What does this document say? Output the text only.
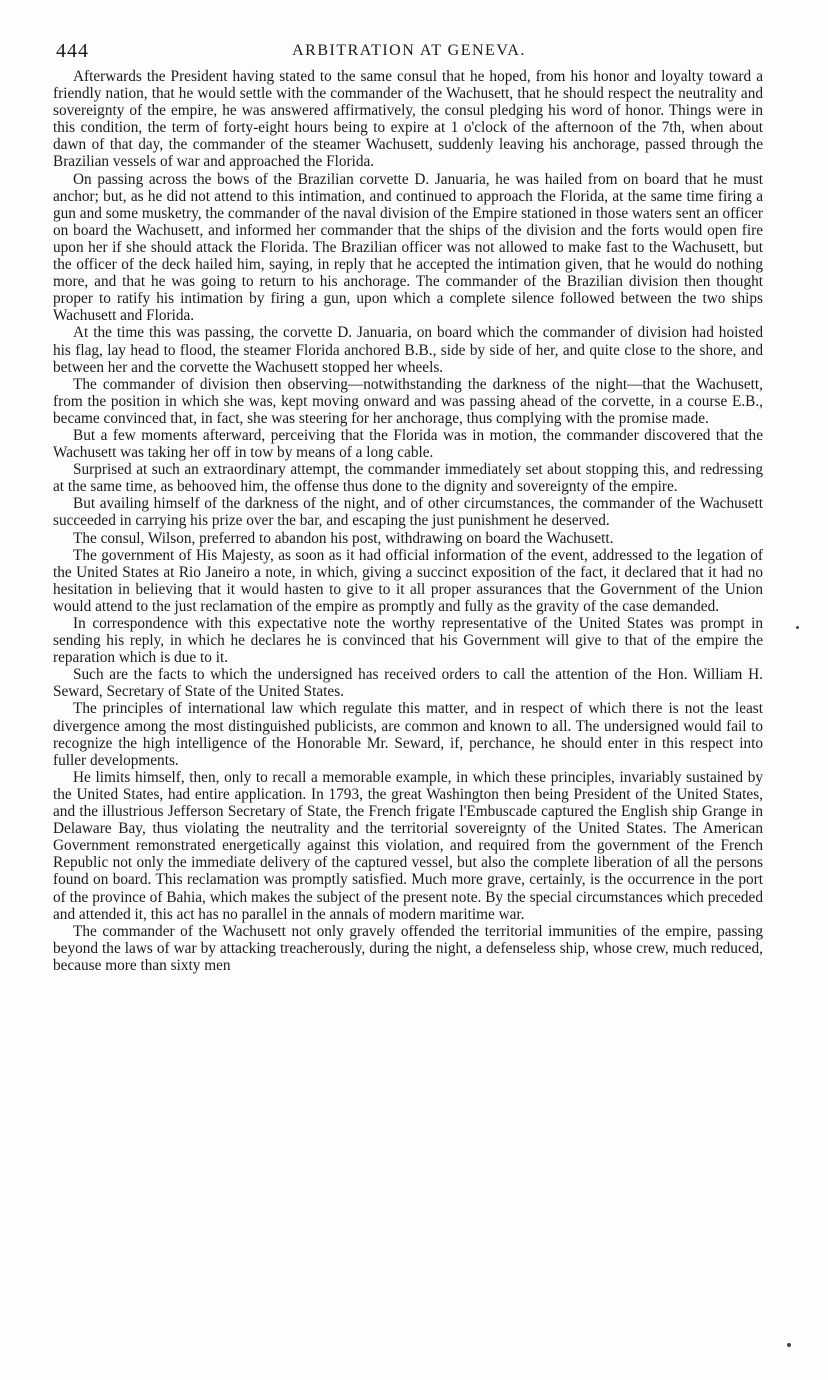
444	ARBITRATION AT GENEVA.

Afterwards the President having stated to the same consul that he hoped, from his honor and loyalty toward a friendly nation, that he would settle with the commander of the Wachusett, that he should respect the neutrality and sovereignty of the empire, he was answered affirmatively, the consul pledging his word of honor. Things were in this condition, the term of forty-eight hours being to expire at 1 o'clock of the afternoon of the 7th, when about dawn of that day, the commander of the steamer Wachusett, suddenly leaving his anchorage, passed through the Brazilian vessels of war and approached the Florida.

On passing across the bows of the Brazilian corvette D. Januaria, he was hailed from on board that he must anchor; but, as he did not attend to this intimation, and continued to approach the Florida, at the same time firing a gun and some musketry, the commander of the naval division of the Empire stationed in those waters sent an officer on board the Wachusett, and informed her commander that the ships of the division and the forts would open fire upon her if she should attack the Florida. The Brazilian officer was not allowed to make fast to the Wachusett, but the officer of the deck hailed him, saying, in reply that he accepted the intimation given, that he would do nothing more, and that he was going to return to his anchorage. The commander of the Brazilian division then thought proper to ratify his intimation by firing a gun, upon which a complete silence followed between the two ships Wachusett and Florida.

At the time this was passing, the corvette D. Januaria, on board which the commander of division had hoisted his flag, lay head to flood, the steamer Florida anchored B.B., side by side of her, and quite close to the shore, and between her and the corvette the Wachusett stopped her wheels.

The commander of division then observing—notwithstanding the darkness of the night—that the Wachusett, from the position in which she was, kept moving onward and was passing ahead of the corvette, in a course E.B., became convinced that, in fact, she was steering for her anchorage, thus complying with the promise made.

But a few moments afterward, perceiving that the Florida was in motion, the commander discovered that the Wachusett was taking her off in tow by means of a long cable.

Surprised at such an extraordinary attempt, the commander immediately set about stopping this, and redressing at the same time, as behooved him, the offense thus done to the dignity and sovereignty of the empire.

But availing himself of the darkness of the night, and of other circumstances, the commander of the Wachusett succeeded in carrying his prize over the bar, and escaping the just punishment he deserved.

The consul, Wilson, preferred to abandon his post, withdrawing on board the Wachusett.

The government of His Majesty, as soon as it had official information of the event, addressed to the legation of the United States at Rio Janeiro a note, in which, giving a succinct exposition of the fact, it declared that it had no hesitation in believing that it would hasten to give to it all proper assurances that the Government of the Union would attend to the just reclamation of the empire as promptly and fully as the gravity of the case demanded.

In correspondence with this expectative note the worthy representative of the United States was prompt in sending his reply, in which he declares he is convinced that his Government will give to that of the empire the reparation which is due to it.

Such are the facts to which the undersigned has received orders to call the attention of the Hon. William H. Seward, Secretary of State of the United States.

The principles of international law which regulate this matter, and in respect of which there is not the least divergence among the most distinguished publicists, are common and known to all. The undersigned would fail to recognize the high intelligence of the Honorable Mr. Seward, if, perchance, he should enter in this respect into fuller developments.

He limits himself, then, only to recall a memorable example, in which these principles, invariably sustained by the United States, had entire application. In 1793, the great Washington then being President of the United States, and the illustrious Jefferson Secretary of State, the French frigate l'Embuscade captured the English ship Grange in Delaware Bay, thus violating the neutrality and the territorial sovereignty of the United States. The American Government remonstrated energetically against this violation, and required from the government of the French Republic not only the immediate delivery of the captured vessel, but also the complete liberation of all the persons found on board. This reclamation was promptly satisfied. Much more grave, certainly, is the occurrence in the port of the province of Bahia, which makes the subject of the present note. By the special circumstances which preceded and attended it, this act has no parallel in the annals of modern maritime war.

The commander of the Wachusett not only gravely offended the territorial immunities of the empire, passing beyond the laws of war by attacking treacherously, during the night, a defenseless ship, whose crew, much reduced, because more than sixty men
